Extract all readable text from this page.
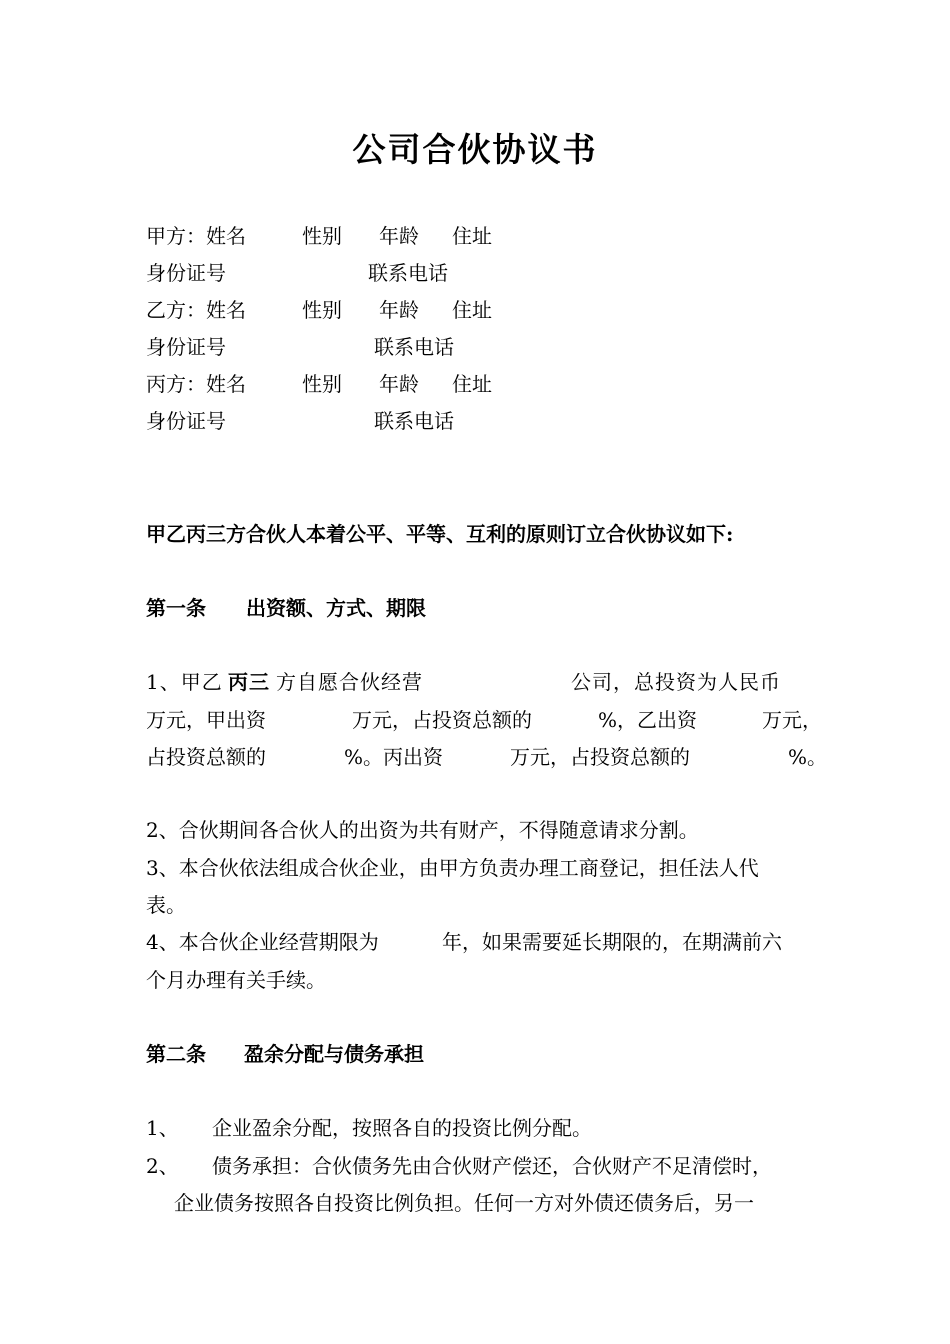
公司合伙协议书
甲方：姓名	性别 年龄 住址
身份证号	联系电话
乙方：姓名	性别 年龄 住址
身份证号	联系电话
丙方：姓名	性别 年龄 住址
身份证号	联系电话
甲乙丙三方合伙人本着公平、平等、互利的原则订立合伙协议如下:
第一条 出资额、方式、期限
1、甲乙 丙三 方自愿合伙经营	公司，总投资为人民币
万元，甲出资	万元，占投资总额的	%，乙出资	万元，
占投资总额的	%。丙出资	万元，占投资总额的	%。
2、合伙期间各合伙人的出资为共有财产，不得随意请求分割。
3、本合伙依法组成合伙企业，由甲方负责办理工商登记，担任法人代
表。
4、本合伙企业经营期限为	年，如果需要延长期限的，在期满前六
个月办理有关手续。
第二条 盈余分配与债务承担
1、 企业盈余分配，按照各自的投资比例分配。
2、 债务承担：合伙债务先由合伙财产偿还，合伙财产不足清偿时，
企业债务按照各自投资比例负担。任何一方对外债还债务后，另一
